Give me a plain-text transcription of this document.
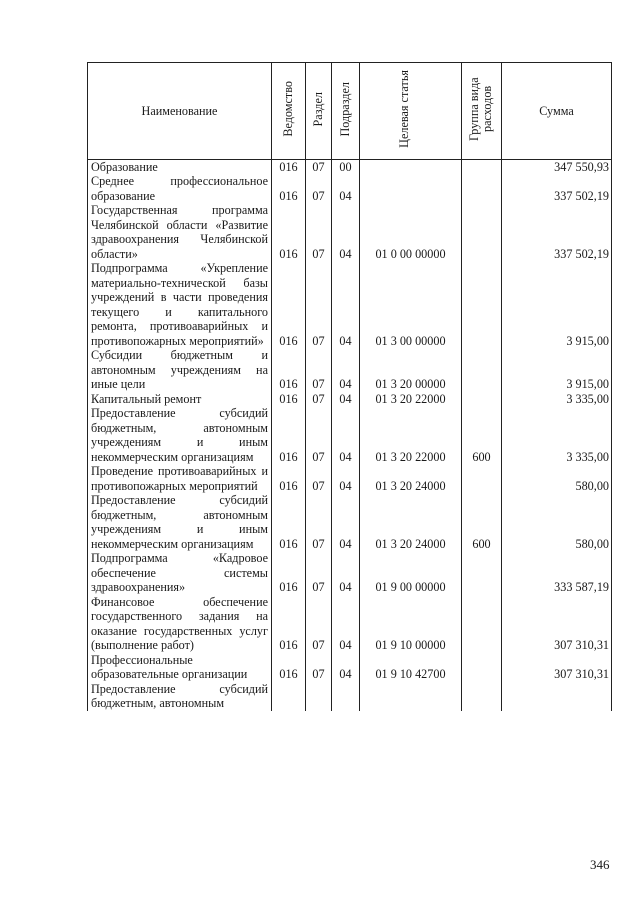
Наименование	Ведомство	Раздел	Подраздел	Целевая статья	Группа вида расходов	Сумма
Образование	016	07	00			347 550,93
Среднее профессиональное образование	016	07	04			337 502,19
Государственная программа Челябинской области «Развитие здравоохранения Челябинской области»	016	07	04	01 0 00 00000		337 502,19
Подпрограмма «Укрепление материально-технической базы учреждений в части проведения текущего и капитального ремонта, противоаварийных и противопожарных мероприятий»	016	07	04	01 3 00 00000		3 915,00
Субсидии бюджетным и автономным учреждениям на иные цели	016	07	04	01 3 20 00000		3 915,00
Капитальный ремонт	016	07	04	01 3 20 22000		3 335,00
Предоставление субсидий бюджетным, автономным учреждениям и иным некоммерческим организациям	016	07	04	01 3 20 22000	600	3 335,00
Проведение противоаварийных и противопожарных мероприятий	016	07	04	01 3 20 24000		580,00
Предоставление субсидий бюджетным, автономным учреждениям и иным некоммерческим организациям	016	07	04	01 3 20 24000	600	580,00
Подпрограмма «Кадровое обеспечение системы здравоохранения»	016	07	04	01 9 00 00000		333 587,19
Финансовое обеспечение государственного задания на оказание государственных услуг (выполнение работ)	016	07	04	01 9 10 00000		307 310,31
Профессиональные образовательные организации	016	07	04	01 9 10 42700		307 310,31
Предоставление субсидий бюджетным, автономным						
346
